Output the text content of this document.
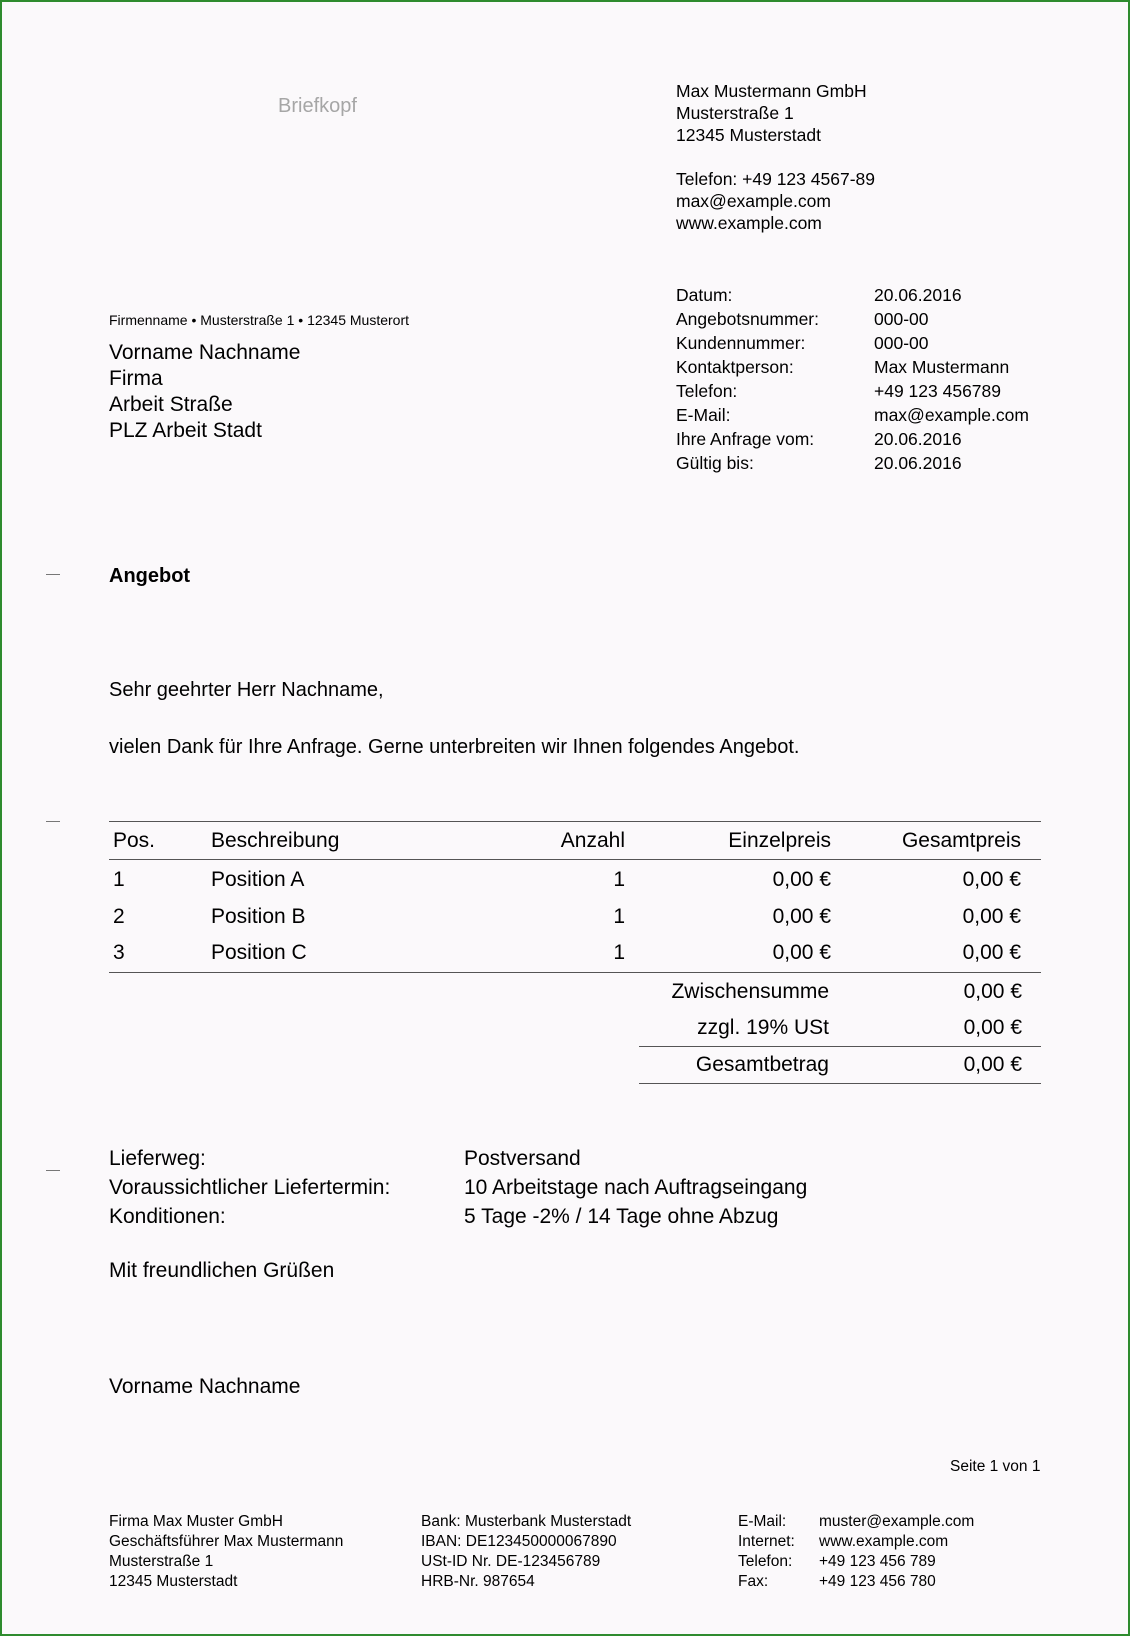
Briefkopf
Max Mustermann GmbH
Musterstraße 1
12345 Musterstadt
Telefon: +49 123 4567-89
max@example.com
www.example.com
Datum:	20.06.2016
Angebotsnummer:	000-00
Kundennummer:	000-00
Kontaktperson:	Max Mustermann
Telefon:	+49 123 456789
E-Mail:	max@example.com
Ihre Anfrage vom:	20.06.2016
Gültig bis:	20.06.2016
Firmenname • Musterstraße 1 • 12345 Musterort
Vorname Nachname
Firma
Arbeit Straße
PLZ Arbeit Stadt
Angebot
Sehr geehrter Herr Nachname,
vielen Dank für Ihre Anfrage. Gerne unterbreiten wir Ihnen folgendes Angebot.
Pos.	Beschreibung	Anzahl	Einzelpreis	Gesamtpreis
1	Position A	1	0,00 €	0,00 €
2	Position B	1	0,00 €	0,00 €
3	Position C	1	0,00 €	0,00 €
Zwischensumme	0,00 €
zzgl. 19% USt	0,00 €
Gesamtbetrag	0,00 €
Lieferweg:	Postversand
Voraussichtlicher Liefertermin:	10 Arbeitstage nach Auftragseingang
Konditionen:	5 Tage -2% / 14 Tage ohne Abzug
Mit freundlichen Grüßen
Vorname Nachname
Seite 1 von 1
Firma Max Muster GmbH
Geschäftsführer Max Mustermann
Musterstraße 1
12345 Musterstadt
Bank: Musterbank Musterstadt
IBAN: DE123450000067890
USt-ID Nr. DE-123456789
HRB-Nr. 987654
E-Mail:	muster@example.com
Internet:	www.example.com
Telefon:	+49 123 456 789
Fax:	+49 123 456 780
